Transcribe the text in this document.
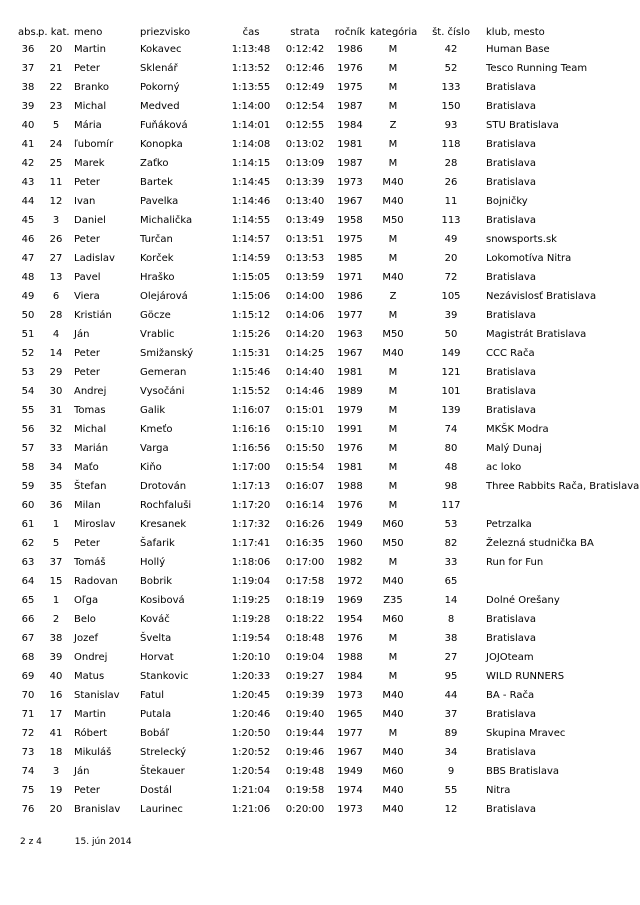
abs.	p. kat.	meno	priezvisko	čas	strata	ročník	kategória	št. číslo	klub, mesto
36	20	Martin	Kokavec	1:13:48	0:12:42	1986	M	42	Human Base
37	21	Peter	Sklenář	1:13:52	0:12:46	1976	M	52	Tesco Running Team
38	22	Branko	Pokorný	1:13:55	0:12:49	1975	M	133	Bratislava
39	23	Michal	Medved	1:14:00	0:12:54	1987	M	150	Bratislava
40	5	Mária	Fuňáková	1:14:01	0:12:55	1984	Z	93	STU Bratislava
41	24	ľubomír	Konopka	1:14:08	0:13:02	1981	M	118	Bratislava
42	25	Marek	Zaťko	1:14:15	0:13:09	1987	M	28	Bratislava
43	11	Peter	Bartek	1:14:45	0:13:39	1973	M40	26	Bratislava
44	12	Ivan	Pavelka	1:14:46	0:13:40	1967	M40	11	Bojničky
45	3	Daniel	Michalička	1:14:55	0:13:49	1958	M50	113	Bratislava
46	26	Peter	Turčan	1:14:57	0:13:51	1975	M	49	snowsports.sk
47	27	Ladislav	Korček	1:14:59	0:13:53	1985	M	20	Lokomotíva Nitra
48	13	Pavel	Hraško	1:15:05	0:13:59	1971	M40	72	Bratislava
49	6	Viera	Olejárová	1:15:06	0:14:00	1986	Z	105	Nezávislosť Bratislava
50	28	Kristián	Göcze	1:15:12	0:14:06	1977	M	39	Bratislava
51	4	Ján	Vrablic	1:15:26	0:14:20	1963	M50	50	Magistrát Bratislava
52	14	Peter	Smižanský	1:15:31	0:14:25	1967	M40	149	CCC Rača
53	29	Peter	Gemeran	1:15:46	0:14:40	1981	M	121	Bratislava
54	30	Andrej	Vysočáni	1:15:52	0:14:46	1989	M	101	Bratislava
55	31	Tomas	Galik	1:16:07	0:15:01	1979	M	139	Bratislava
56	32	Michal	Kmeťo	1:16:16	0:15:10	1991	M	74	MKŠK Modra
57	33	Marián	Varga	1:16:56	0:15:50	1976	M	80	Malý Dunaj
58	34	Maťo	Kiňo	1:17:00	0:15:54	1981	M	48	ac loko
59	35	Štefan	Drotován	1:17:13	0:16:07	1988	M	98	Three Rabbits Rača, Bratislava
60	36	Milan	Rochfaluši	1:17:20	0:16:14	1976	M	117	
61	1	Miroslav	Kresanek	1:17:32	0:16:26	1949	M60	53	Petrzalka
62	5	Peter	Šafarik	1:17:41	0:16:35	1960	M50	82	Železná studnička BA
63	37	Tomáš	Hollý	1:18:06	0:17:00	1982	M	33	Run for Fun
64	15	Radovan	Bobrik	1:19:04	0:17:58	1972	M40	65	
65	1	Oľga	Kosibová	1:19:25	0:18:19	1969	Z35	14	Dolné Orešany
66	2	Belo	Kováč	1:19:28	0:18:22	1954	M60	8	Bratislava
67	38	Jozef	Švelta	1:19:54	0:18:48	1976	M	38	Bratislava
68	39	Ondrej	Horvat	1:20:10	0:19:04	1988	M	27	JOJOteam
69	40	Matus	Stankovic	1:20:33	0:19:27	1984	M	95	WILD RUNNERS
70	16	Stanislav	Fatul	1:20:45	0:19:39	1973	M40	44	BA - Rača
71	17	Martin	Putala	1:20:46	0:19:40	1965	M40	37	Bratislava
72	41	Róbert	Bobáľ	1:20:50	0:19:44	1977	M	89	Skupina Mravec
73	18	Mikuláš	Strelecký	1:20:52	0:19:46	1967	M40	34	Bratislava
74	3	Ján	Štekauer	1:20:54	0:19:48	1949	M60	9	BBS Bratislava
75	19	Peter	Dostál	1:21:04	0:19:58	1974	M40	55	Nitra
76	20	Branislav	Laurinec	1:21:06	0:20:00	1973	M40	12	Bratislava
2 z 4	15. jún 2014
